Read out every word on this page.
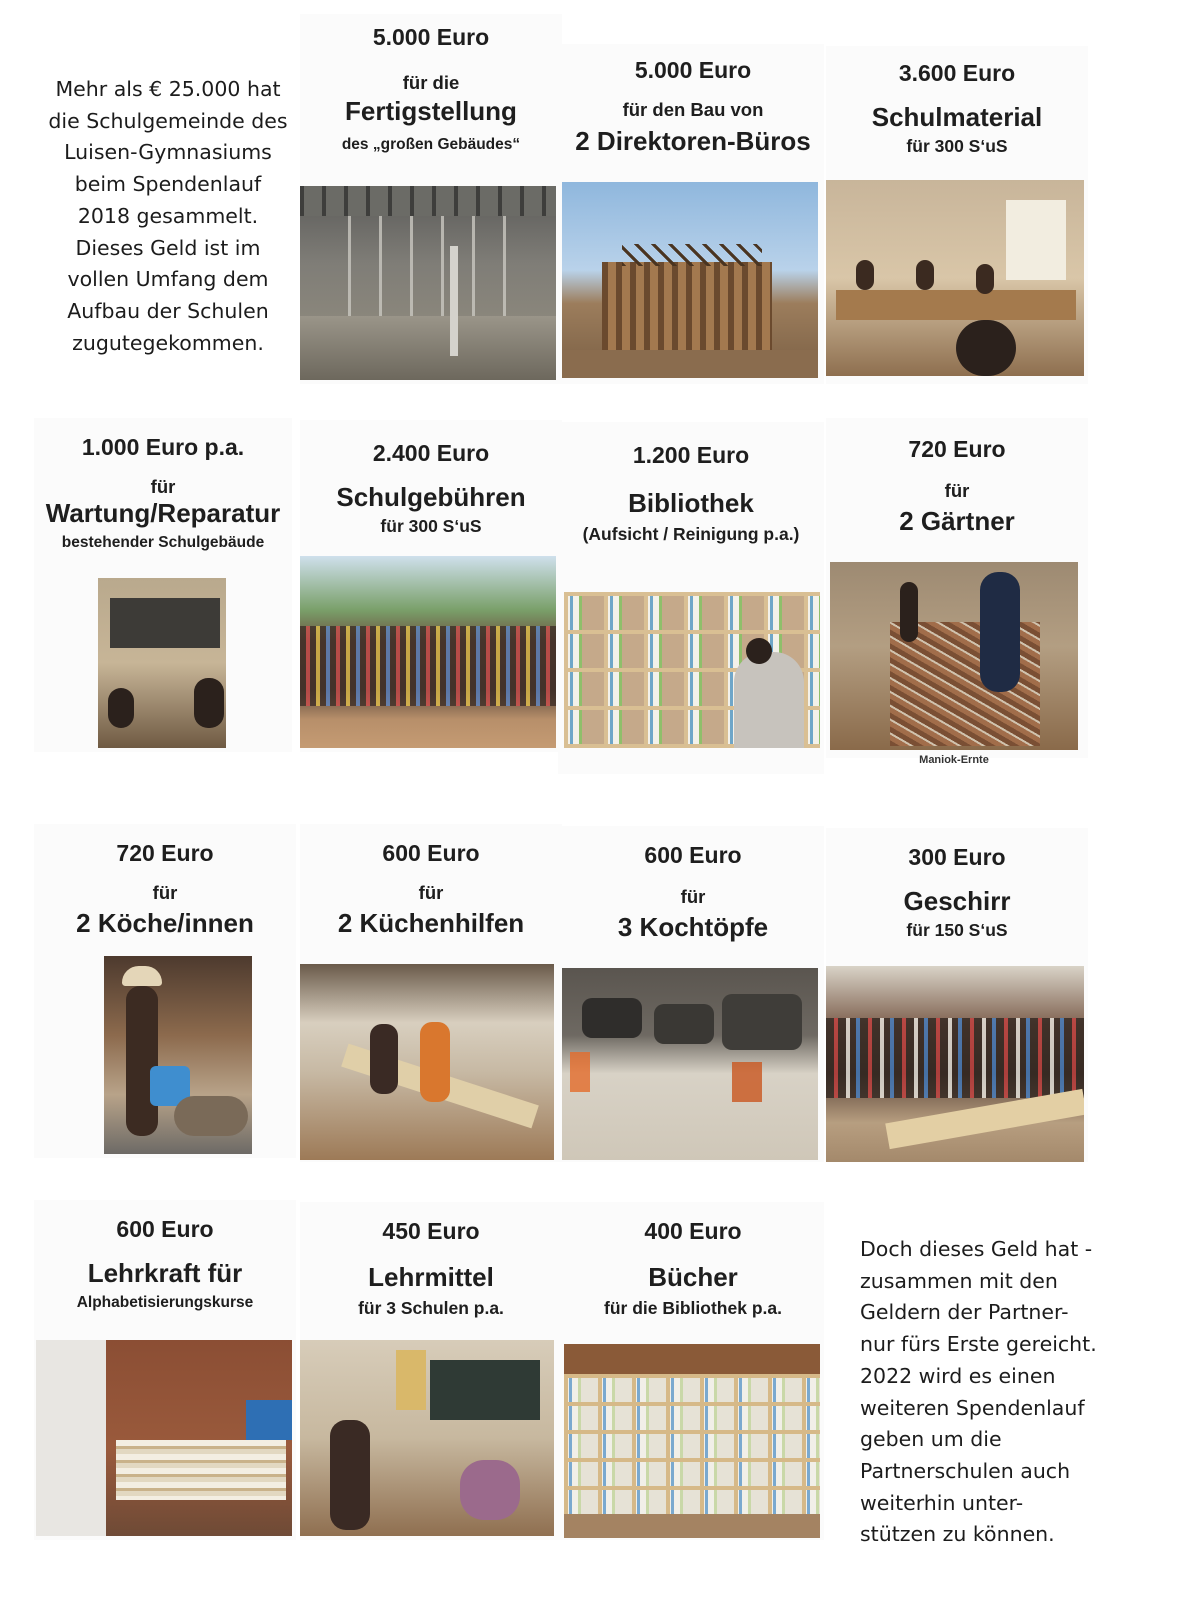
Mehr als € 25.000 hat
die Schulgemeinde des
Luisen-Gymnasiums
beim Spendenlauf
2018 gesammelt.
Dieses Geld ist im
vollen Umfang dem
Aufbau der Schulen
zugutegekommen.
5.000 Euro
für die
Fertigstellung
des „großen Gebäudes“
5.000 Euro
für den Bau von
2 Direktoren-Büros
3.600 Euro
Schulmaterial
für 300 S‘uS
1.000 Euro p.a.
für
Wartung/Reparatur
bestehender Schulgebäude
2.400 Euro
Schulgebühren
für 300 S‘uS
1.200 Euro
Bibliothek
(Aufsicht / Reinigung p.a.)
720 Euro
für
2 Gärtner
Maniok-Ernte
720 Euro
für
2 Köche/innen
600 Euro
für
2 Küchenhilfen
600 Euro
für
3 Kochtöpfe
300 Euro
Geschirr
für 150 S‘uS
600 Euro
Lehrkraft für
Alphabetisierungskurse
450 Euro
Lehrmittel
für 3 Schulen p.a.
400 Euro
Bücher
für die Bibliothek p.a.
Doch dieses Geld hat -
zusammen mit den
Geldern der Partner-
nur fürs Erste gereicht.
2022 wird es einen
weiteren Spendenlauf
geben um die
Partnerschulen auch
weiterhin unter-
stützen zu können.
